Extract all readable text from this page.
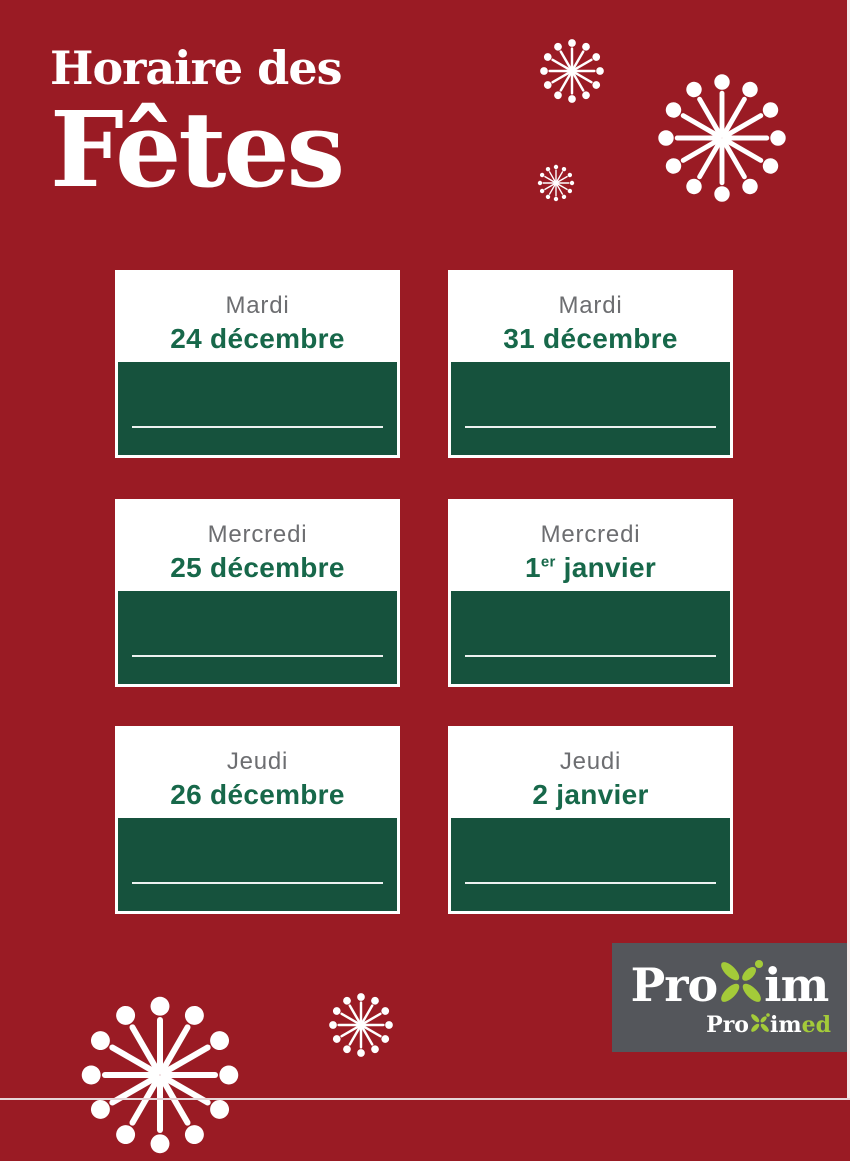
Horaire des
Fêtes
Mardi
24 décembre
Mardi
31 décembre
Mercredi
25 décembre
Mercredi
1er janvier
Jeudi
26 décembre
Jeudi
2 janvier
Pro im
Pro im ed
